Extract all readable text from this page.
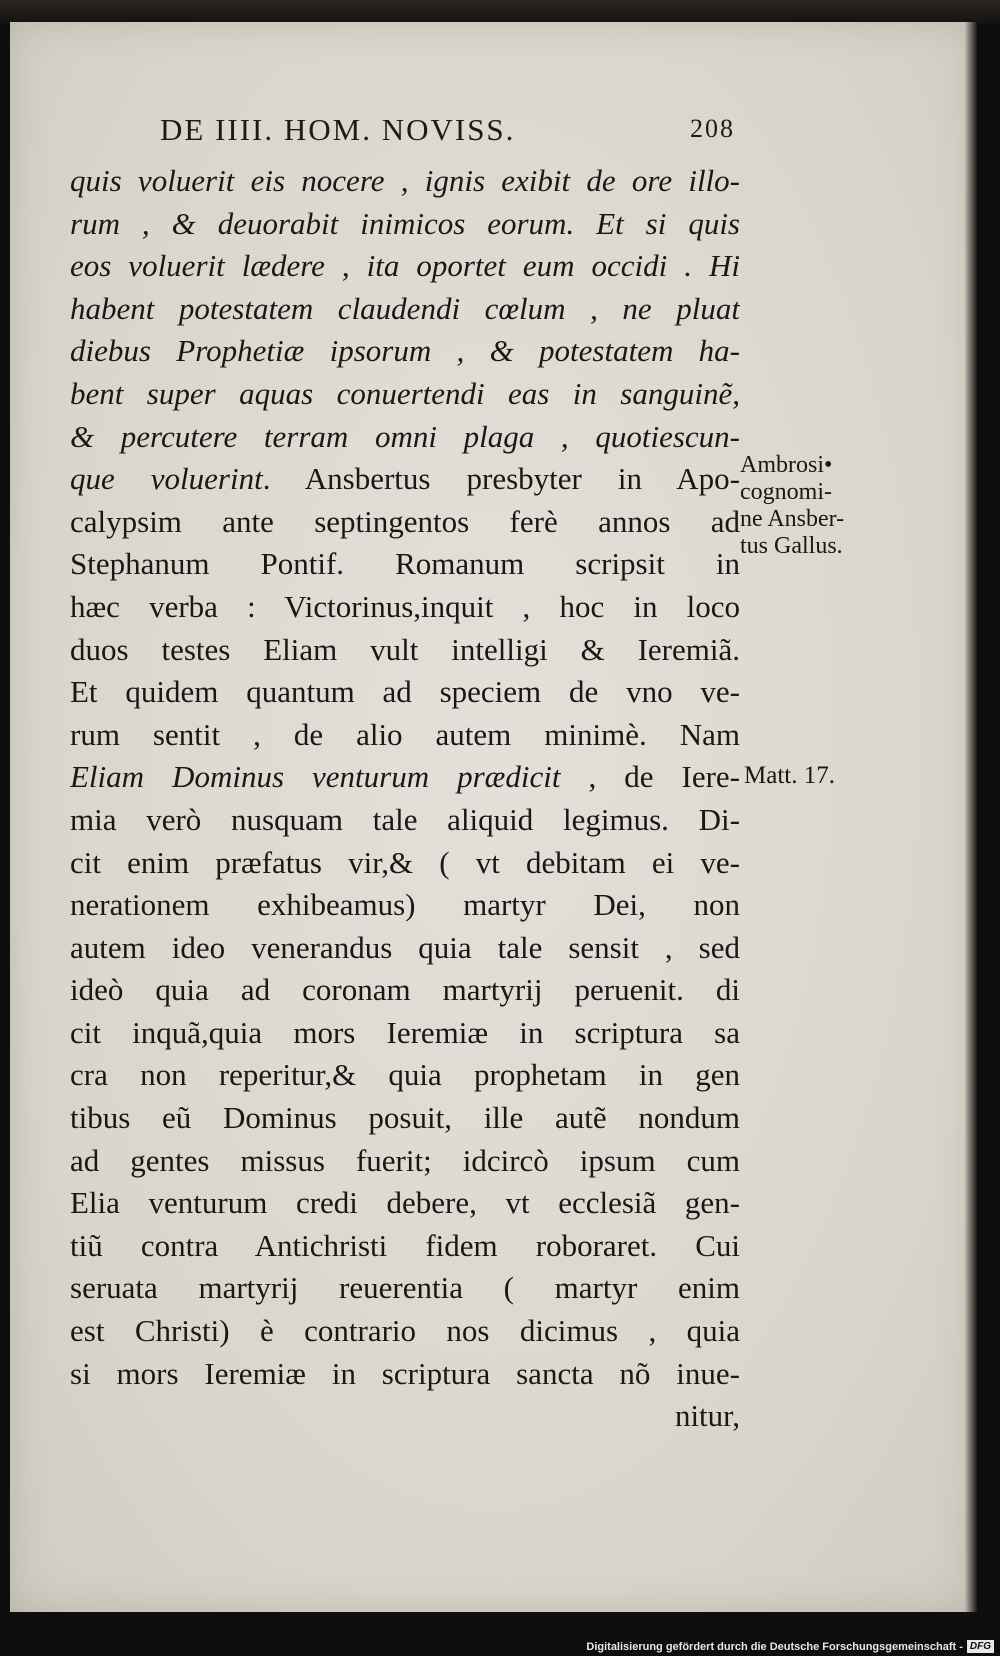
DE IIII. HOM. NOVISS.	208
quis voluerit eis nocere , ignis exibit de ore illo-
rum , & deuorabit inimicos eorum. Et si quis
eos voluerit lædere , ita oportet eum occidi . Hi
habent potestatem claudendi cœlum , ne pluat
diebus Prophetiæ ipsorum , & potestatem ha-
bent super aquas conuertendi eas in sanguinẽ,
& percutere terram omni plaga , quotiescun-
que voluerint. Ansbertus presbyter in Apo-
calypsim ante septingentos ferè annos ad
Stephanum Pontif. Romanum scripsit in
hæc verba : Victorinus,inquit , hoc in loco
duos testes Eliam vult intelligi & Ieremiã.
Et quidem quantum ad speciem de vno ve-
rum sentit , de alio autem minimè. Nam
Eliam Dominus venturum prædicit , de Iere-
mia verò nusquam tale aliquid legimus. Di-
cit enim præfatus vir,& ( vt debitam ei ve-
nerationem exhibeamus) martyr Dei, non
autem ideo venerandus quia tale sensit , sed
ideò quia ad coronam martyrij peruenit. di
cit inquã,quia mors Ieremiæ in scriptura sa
cra non reperitur,& quia prophetam in gen
tibus eũ Dominus posuit, ille autẽ nondum
ad gentes missus fuerit; idcircò ipsum cum
Elia venturum credi debere, vt ecclesiã gen-
tiũ contra Antichristi fidem roboraret. Cui
seruata martyrij reuerentia ( martyr enim
est Christi) è contrario nos dicimus , quia
si mors Ieremiæ in scriptura sancta nõ inue-
nitur,
Ambrosi•
cognomi-
ne Ansber-
tus Gallus.
Matt. 17.
Digitalisierung gefördert durch die Deutsche Forschungsgemeinschaft - DFG
